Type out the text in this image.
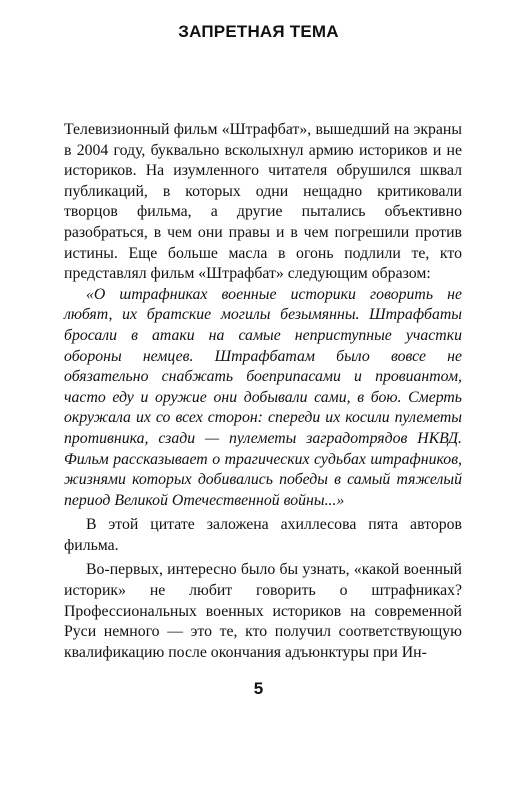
ЗАПРЕТНАЯ ТЕМА

Телевизионный фильм «Штрафбат», вышедший на экраны в 2004 году, буквально всколыхнул армию историков и не историков. На изумленного читателя обрушился шквал публикаций, в которых одни нещадно критиковали творцов фильма, а другие пытались объективно разобраться, в чем они правы и в чем погрешили против истины. Еще больше масла в огонь подлили те, кто представлял фильм «Штрафбат» следующим образом:

«О штрафниках военные историки говорить не любят, их братские могилы безымянны. Штрафбаты бросали в атаки на самые неприступные участки обороны немцев. Штрафбатам было вовсе не обязательно снабжать боеприпасами и провиантом, часто еду и оружие они добывали сами, в бою. Смерть окружала их со всех сторон: спереди их косили пулеметы противника, сзади — пулеметы заградотрядов НКВД. Фильм рассказывает о трагических судьбах штрафников, жизнями которых добивались победы в самый тяжелый период Великой Отечественной войны...»

В этой цитате заложена ахиллесова пята авторов фильма.

Во-первых, интересно было бы узнать, «какой военный историк» не любит говорить о штрафниках? Профессиональных военных историков на современной Руси немного — это те, кто получил соответствующую квалификацию после окончания адъюнктуры при Ин-

5
